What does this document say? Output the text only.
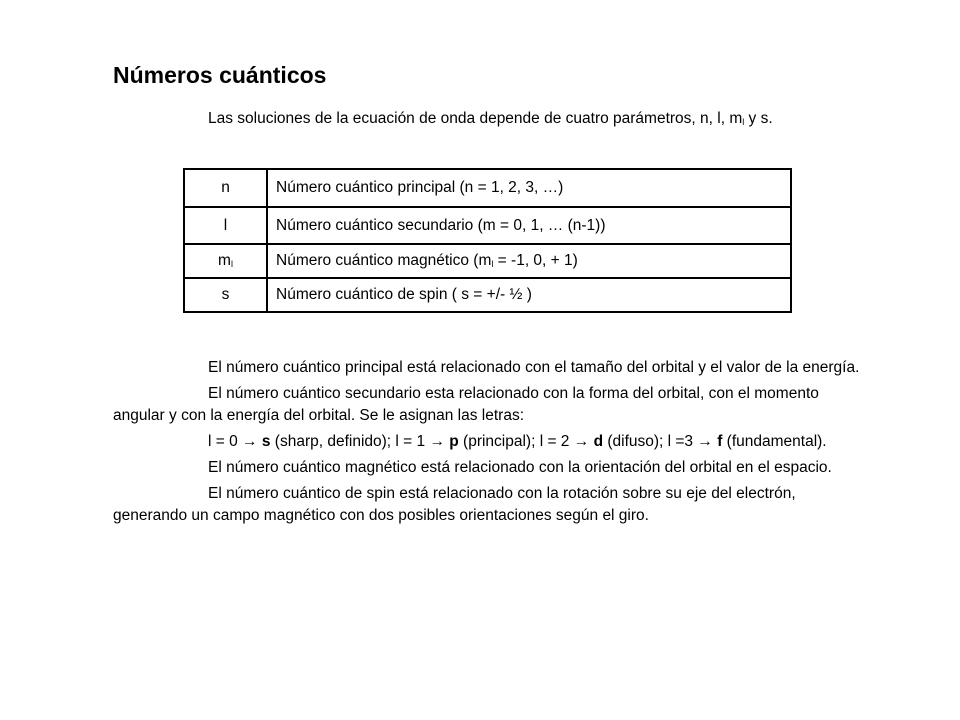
Números cuánticos

Las soluciones de la ecuación de onda depende de cuatro parámetros, n, l, $m_l$ y s.

n	Número cuántico principal (n = 1, 2, 3, …)
l	Número cuántico secundario (m = 0, 1, … (n-1))
$m_l$	Número cuántico magnético ($m_l = -1$, 0, + 1)
s	Número cuántico de spin ( s = +/- ½ )

El número cuántico principal está relacionado con el tamaño del orbital y el valor de la energía.

El número cuántico secundario esta relacionado con la forma del orbital, con el momento angular y con la energía del orbital. Se le asignan las letras:

l = 0 → s (sharp, definido); l = 1 → p (principal); l = 2 → d (difuso); l =3 → f (fundamental).

El número cuántico magnético está relacionado con la orientación del orbital en el espacio.

El número cuántico de spin está relacionado con la rotación sobre su eje del electrón, generando un campo magnético con dos posibles orientaciones según el giro.
